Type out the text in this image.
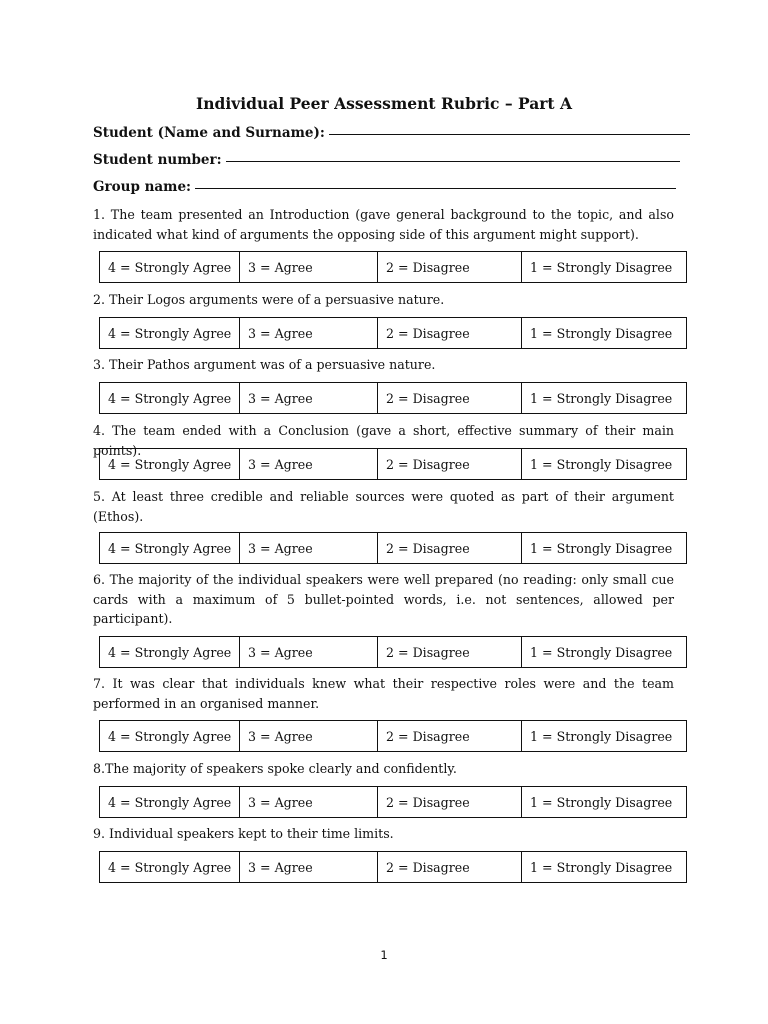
Individual Peer Assessment Rubric – Part A
Student (Name and Surname):
Student number:
Group name:
1. The team presented an Introduction (gave general background to the topic, and also indicated what kind of arguments the opposing side of this argument might support).
4 = Strongly Agree	3 = Agree	2 = Disagree	1 = Strongly Disagree
2. Their Logos arguments were of a persuasive nature.
4 = Strongly Agree	3 = Agree	2 = Disagree	1 = Strongly Disagree
3. Their Pathos argument was of a persuasive nature.
4 = Strongly Agree	3 = Agree	2 = Disagree	1 = Strongly Disagree
4. The team ended with a Conclusion (gave a short, effective summary of their main points).
4 = Strongly Agree	3 = Agree	2 = Disagree	1 = Strongly Disagree
5. At least three credible and reliable sources were quoted as part of their argument (Ethos).
4 = Strongly Agree	3 = Agree	2 = Disagree	1 = Strongly Disagree
6. The majority of the individual speakers were well prepared (no reading: only small cue cards with a maximum of 5 bullet-pointed words, i.e. not sentences, allowed per participant).
4 = Strongly Agree	3 = Agree	2 = Disagree	1 = Strongly Disagree
7. It was clear that individuals knew what their respective roles were and the team performed in an organised manner.
4 = Strongly Agree	3 = Agree	2 = Disagree	1 = Strongly Disagree
8.The majority of speakers spoke clearly and confidently.
4 = Strongly Agree	3 = Agree	2 = Disagree	1 = Strongly Disagree
9. Individual speakers kept to their time limits.
4 = Strongly Agree	3 = Agree	2 = Disagree	1 = Strongly Disagree
1
